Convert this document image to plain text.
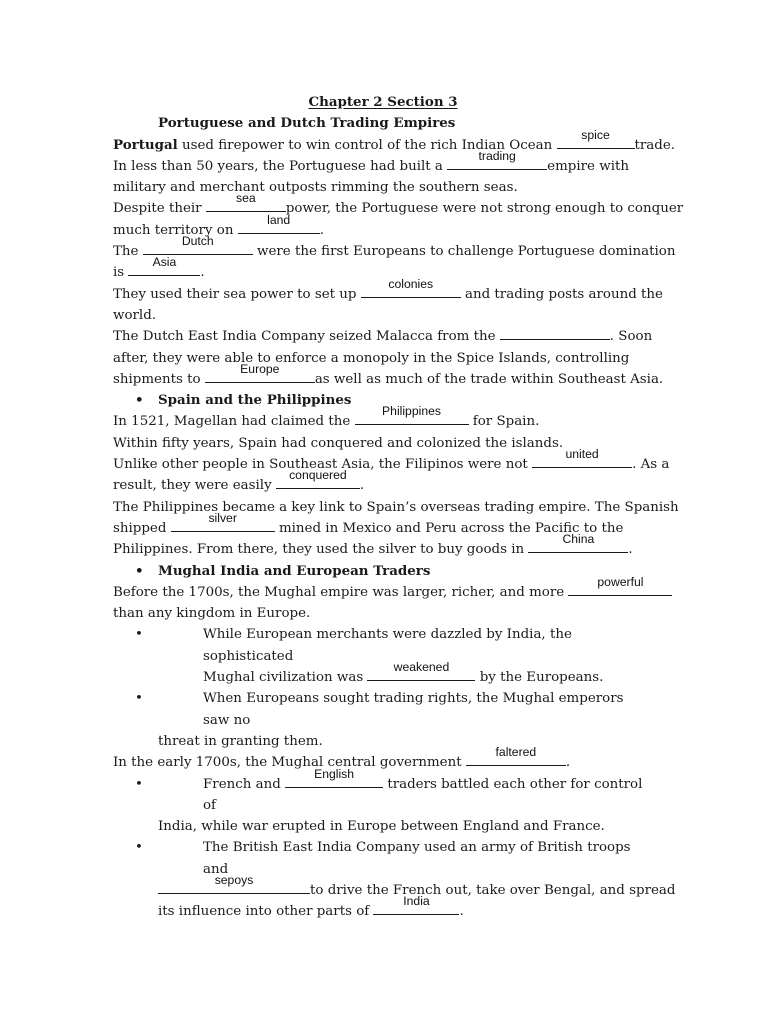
Chapter 2 Section 3

Portuguese and Dutch Trading Empires

Portugal used firepower to win control of the rich Indian Ocean
spice
trade.

In less than 50 years, the Portuguese had built a
trading
empire with

military and merchant outposts rimming the southern seas.

Despite their
sea
power, the Portuguese were not strong enough to conquer

much territory on
land
.

The
Dutch
were the first Europeans to challenge Portuguese domination

is
Asia
.

They used their sea power to set up
colonies
and trading posts around the

world.

The Dutch East India Company seized Malacca from the	. Soon

after, they were able to enforce a monopoly in the Spice Islands, controlling

shipments to
Europe
as well as much of the trade within Southeast Asia.

• Spain and the Philippines

In 1521, Magellan had claimed the
Philippines
for Spain.

Within fifty years, Spain had conquered and colonized the islands.

Unlike other people in Southeast Asia, the Filipinos were not
united
. As a

result, they were easily
conquered
.

The Philippines became a key link to Spain’s overseas trading empire. The Spanish

shipped
silver
mined in Mexico and Peru across the Pacific to the

Philippines. From there, they used the silver to buy goods in
China
.

• Mughal India and European Traders

Before the 1700s, the Mughal empire was larger, richer, and more
powerful

than any kingdom in Europe.

• While European merchants were dazzled by India, the sophisticated

Mughal civilization was
weakened
by the Europeans.

• When Europeans sought trading rights, the Mughal emperors saw no

threat in granting them.

In the early 1700s, the Mughal central government
faltered
.

• French and
English
traders battled each other for control of

India, while war erupted in Europe between England and France.

• The British East India Company used an army of British troops and

sepoys
to drive the French out, take over Bengal, and spread

its influence into other parts of
India
.
